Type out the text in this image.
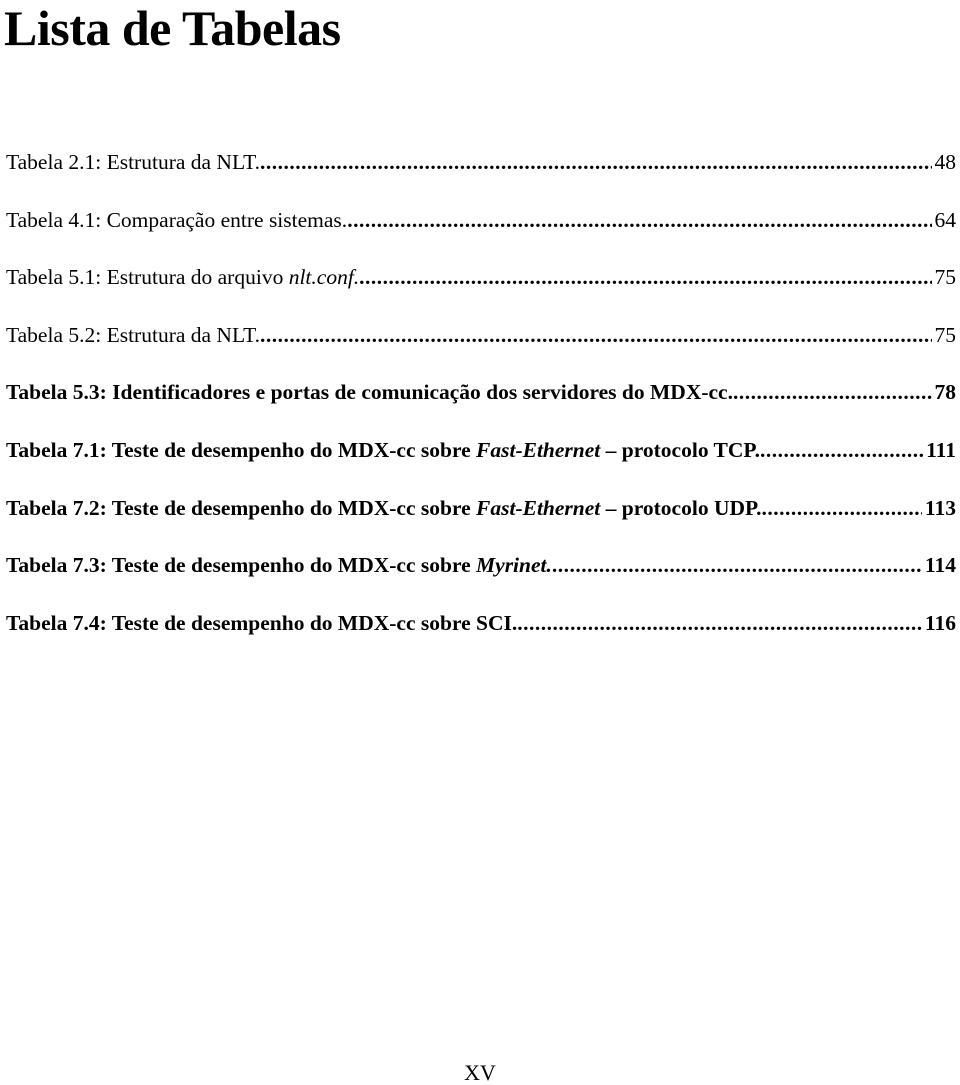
Lista de Tabelas
Tabela 2.1: Estrutura da NLT. .....	48
Tabela 4.1: Comparação entre sistemas. .....	64
Tabela 5.1: Estrutura do arquivo nlt.conf. .....	75
Tabela 5.2: Estrutura da NLT. .....	75
Tabela 5.3: Identificadores e portas de comunicação dos servidores do MDX-cc. .....	78
Tabela 7.1: Teste de desempenho do MDX-cc sobre Fast-Ethernet – protocolo TCP. .....	111
Tabela 7.2: Teste de desempenho do MDX-cc sobre Fast-Ethernet – protocolo UDP. .....	113
Tabela 7.3: Teste de desempenho do MDX-cc sobre Myrinet. .....	114
Tabela 7.4: Teste de desempenho do MDX-cc sobre SCI. .....	116
XV
